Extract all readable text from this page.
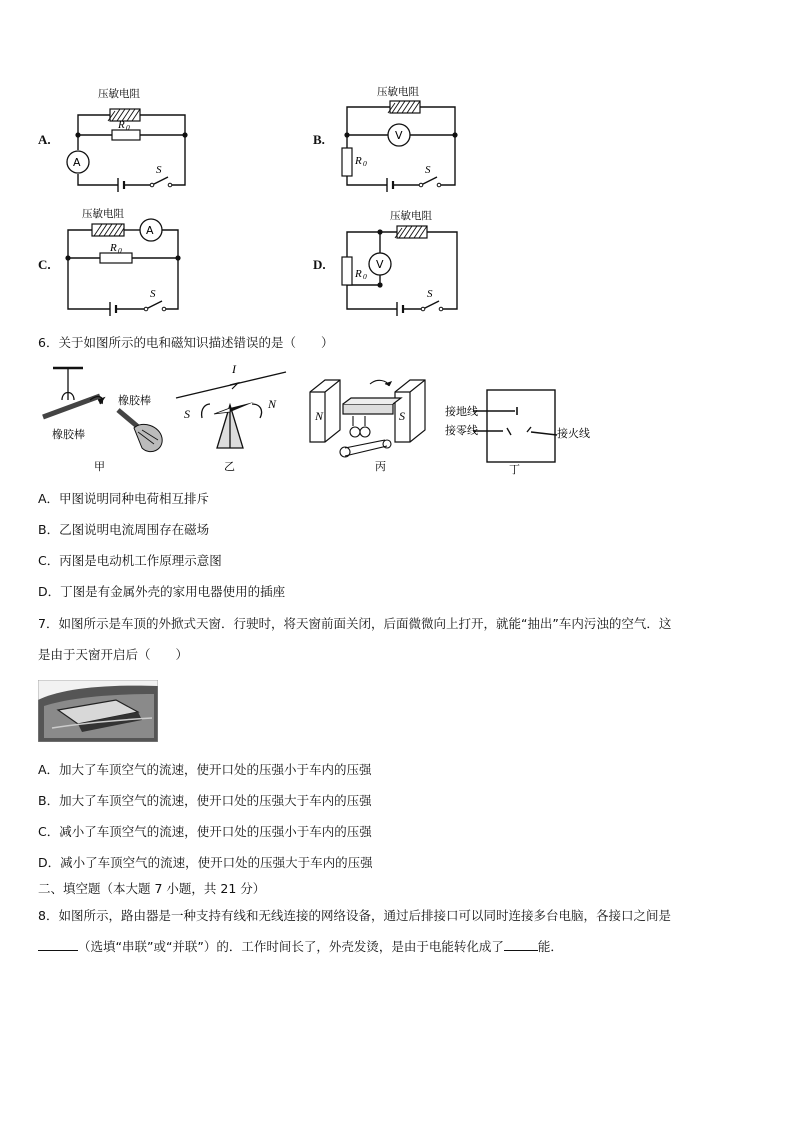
A.
压敏电阻
R 0
A
S
B.
压敏电阻
V
R 0
S
C.
压敏电阻
A
R 0
S
D.
压敏电阻
V
R 0
S
6．关于如图所示的电和磁知识描述错误的是（　　）
橡胶棒
橡胶棒
甲
I
S
N
乙
N	S
丙
接地线
接零线	接火线
丁
A．甲图说明同种电荷相互排斥
B．乙图说明电流周围存在磁场
C．丙图是电动机工作原理示意图
D．丁图是有金属外壳的家用电器使用的插座
7．如图所示是车顶的外掀式天窗．行驶时，将天窗前面关闭，后面微微向上打开，就能“抽出”车内污浊的空气．这
是由于天窗开启后（　　）
A．加大了车顶空气的流速，使开口处的压强小于车内的压强
B．加大了车顶空气的流速，使开口处的压强大于车内的压强
C．减小了车顶空气的流速，使开口处的压强小于车内的压强
D．减小了车顶空气的流速，使开口处的压强大于车内的压强
二、填空题（本大题 7 小题，共 21 分）
8．如图所示，路由器是一种支持有线和无线连接的网络设备，通过后排接口可以同时连接多台电脑，各接口之间是
（选填“串联”或“并联”）的．工作时间长了，外壳发烫，是由于电能转化成了	能．
